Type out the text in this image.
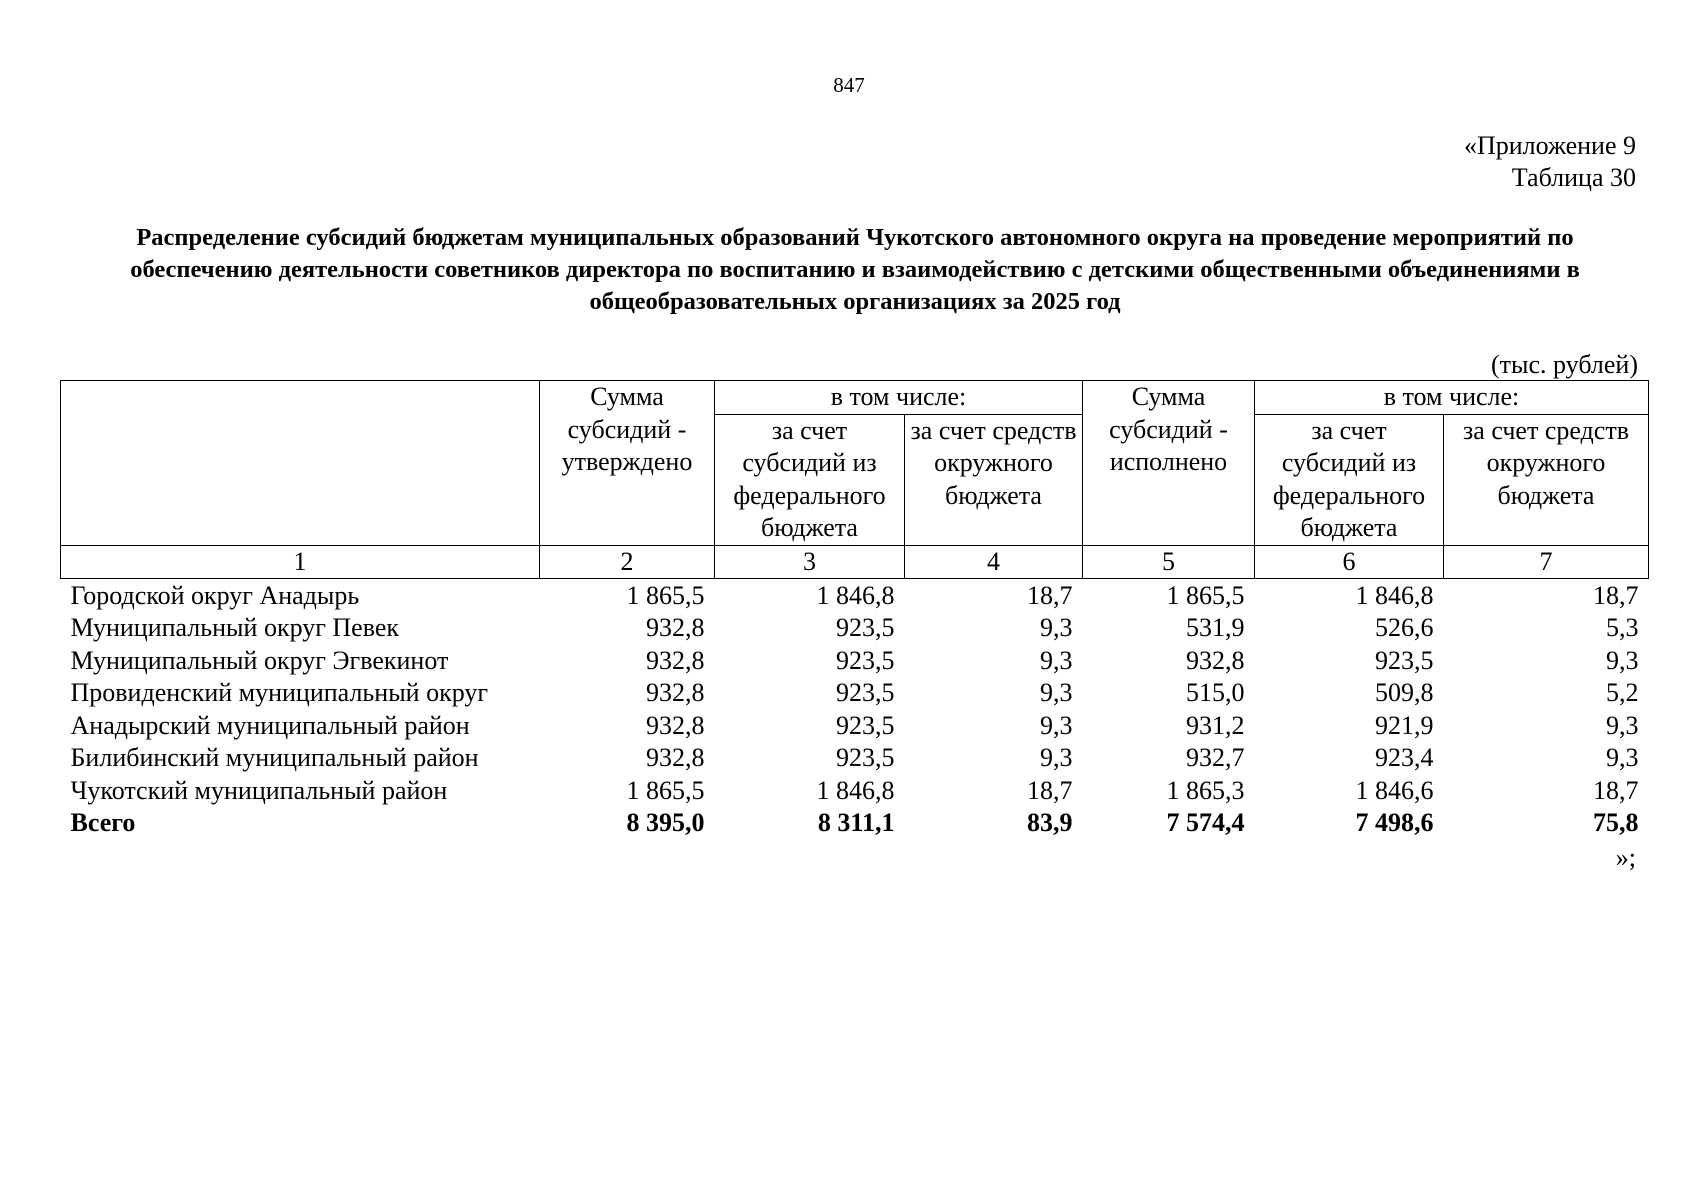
847
«Приложение 9
Таблица 30
Распределение субсидий бюджетам муниципальных образований Чукотского автономного округа на проведение мероприятий по обеспечению деятельности советников директора по воспитанию и взаимодействию с детскими общественными объединениями в общеобразовательных организациях за 2025 год
(тыс. рублей)
	Сумма субсидий - утверждено	в том числе:		Сумма субсидий - исполнено	в том числе:	
		за счет субсидий из федерального бюджета	за счет средств окружного бюджета		за счет субсидий из федерального бюджета	за счет средств окружного бюджета
1	2	3	4	5	6	7
Городской округ Анадырь	1 865,5	1 846,8	18,7	1 865,5	1 846,8	18,7
Муниципальный округ Певек	932,8	923,5	9,3	531,9	526,6	5,3
Муниципальный округ Эгвекинот	932,8	923,5	9,3	932,8	923,5	9,3
Провиденский муниципальный округ	932,8	923,5	9,3	515,0	509,8	5,2
Анадырский муниципальный район	932,8	923,5	9,3	931,2	921,9	9,3
Билибинский муниципальный район	932,8	923,5	9,3	932,7	923,4	9,3
Чукотский муниципальный район	1 865,5	1 846,8	18,7	1 865,3	1 846,6	18,7
Всего	8 395,0	8 311,1	83,9	7 574,4	7 498,6	75,8
»;
